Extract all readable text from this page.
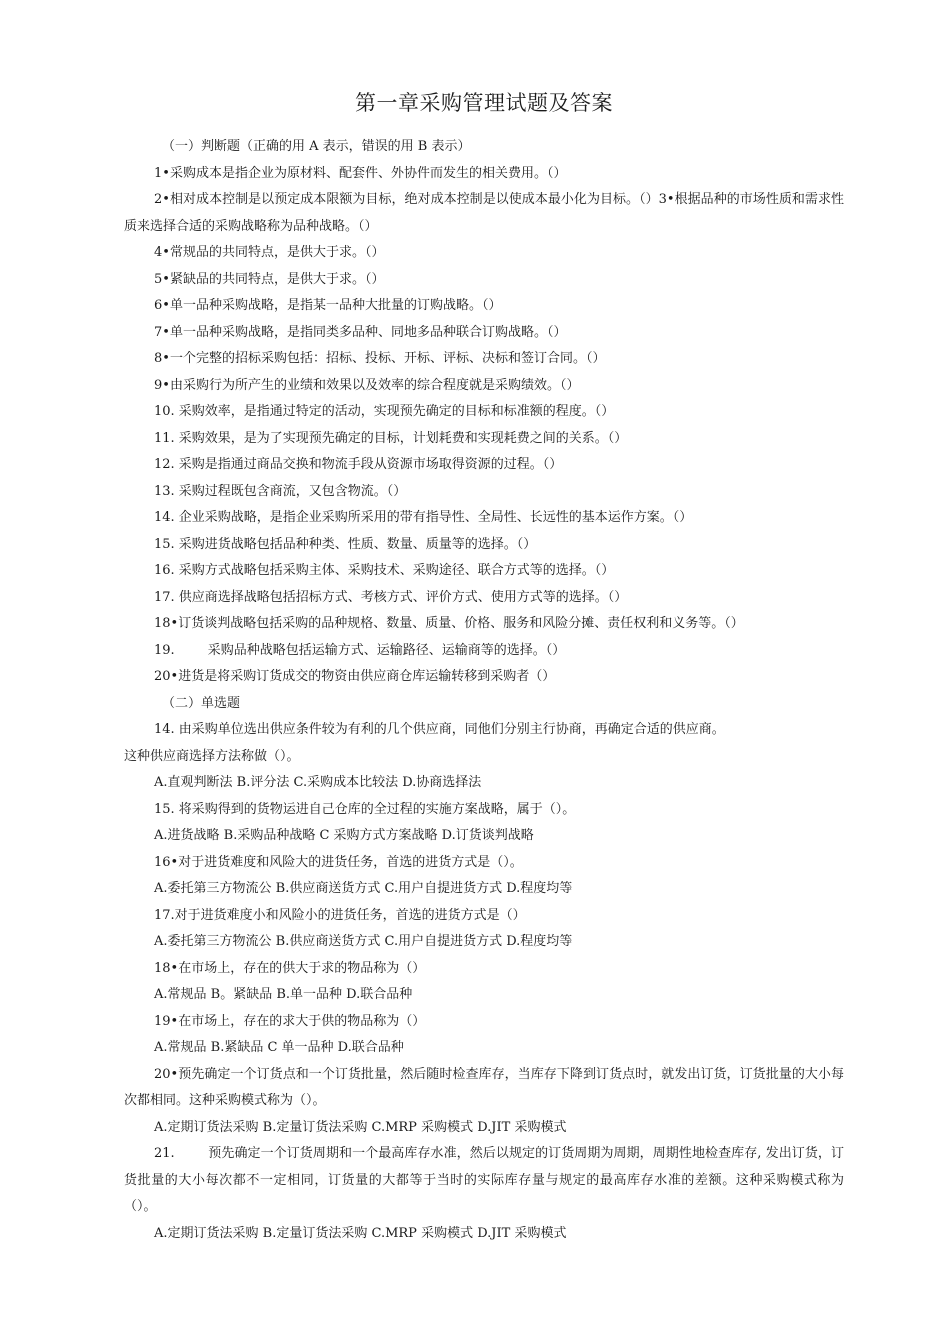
第一章采购管理试题及答案

（一）判断题（正确的用 A 表示，错误的用 B 表示）

1•采购成本是指企业为原材料、配套件、外协件而发生的相关费用。（）

2•相对成本控制是以预定成本限额为目标，绝对成本控制是以使成本最小化为目标。（）3•根据品种的市场性质和需求性质来选择合适的采购战略称为品种战略。（）

4•常规品的共同特点，是供大于求。（）

5•紧缺品的共同特点，是供大于求。（）

6•单一品种采购战略，是指某一品种大批量的订购战略。（）

7•单一品种采购战略，是指同类多品种、同地多品种联合订购战略。（）

8•一个完整的招标采购包括：招标、投标、开标、评标、决标和签订合同。（）

9•由采购行为所产生的业绩和效果以及效率的综合程度就是采购绩效。（）

10. 采购效率，是指通过特定的活动，实现预先确定的目标和标准额的程度。（）

11. 采购效果，是为了实现预先确定的目标，计划耗费和实现耗费之间的关系。（）

12. 采购是指通过商品交换和物流手段从资源市场取得资源的过程。（）

13. 采购过程既包含商流，又包含物流。（）

14. 企业采购战略，是指企业采购所采用的带有指导性、全局性、长远性的基本运作方案。（）

15. 采购进货战略包括品种种类、性质、数量、质量等的选择。（）

16. 采购方式战略包括采购主体、采购技术、采购途径、联合方式等的选择。（）

17. 供应商选择战略包括招标方式、考核方式、评价方式、使用方式等的选择。（）

18•订货谈判战略包括采购的品种规格、数量、质量、价格、服务和风险分摊、责任权利和义务等。（）

19.        采购品种战略包括运输方式、运输路径、运输商等的选择。（）

20•进货是将采购订货成交的物资由供应商仓库运输转移到采购者（）

（二）单选题

14. 由采购单位选出供应条件较为有利的几个供应商，同他们分别主行协商，再确定合适的供应商。

这种供应商选择方法称做（）。

A.直观判断法 B.评分法 C.采购成本比较法 D.协商选择法

15. 将采购得到的货物运进自己仓库的全过程的实施方案战略，属于（）。

A.进货战略 B.采购品种战略 C 采购方式方案战略 D.订货谈判战略

16•对于进货难度和风险大的进货任务，首选的进货方式是（）。

A.委托第三方物流公 B.供应商送货方式 C.用户自提进货方式 D.程度均等

17.对于进货难度小和风险小的进货任务，首选的进货方式是（）

A.委托第三方物流公 B.供应商送货方式 C.用户自提进货方式 D.程度均等

18•在市场上，存在的供大于求的物品称为（）

A.常规品 B。紧缺品 B.单一品种 D.联合品种

19•在市场上，存在的求大于供的物品称为（）

A.常规品 B.紧缺品 C 单一品种 D.联合品种

20•预先确定一个订货点和一个订货批量，然后随时检查库存，当库存下降到订货点时，就发出订货，订货批量的大小每次都相同。这种采购模式称为（）。

A.定期订货法采购 B.定量订货法采购 C.MRP 采购模式 D.JIT 采购模式

21.        预先确定一个订货周期和一个最高库存水准，然后以规定的订货周期为周期，周期性地检查库存, 发出订货，订货批量的大小每次都不一定相同，订货量的大都等于当时的实际库存量与规定的最高库存水准的差额。这种采购模式称为（）。

A.定期订货法采购 B.定量订货法采购 C.MRP 采购模式 D.JIT 采购模式
